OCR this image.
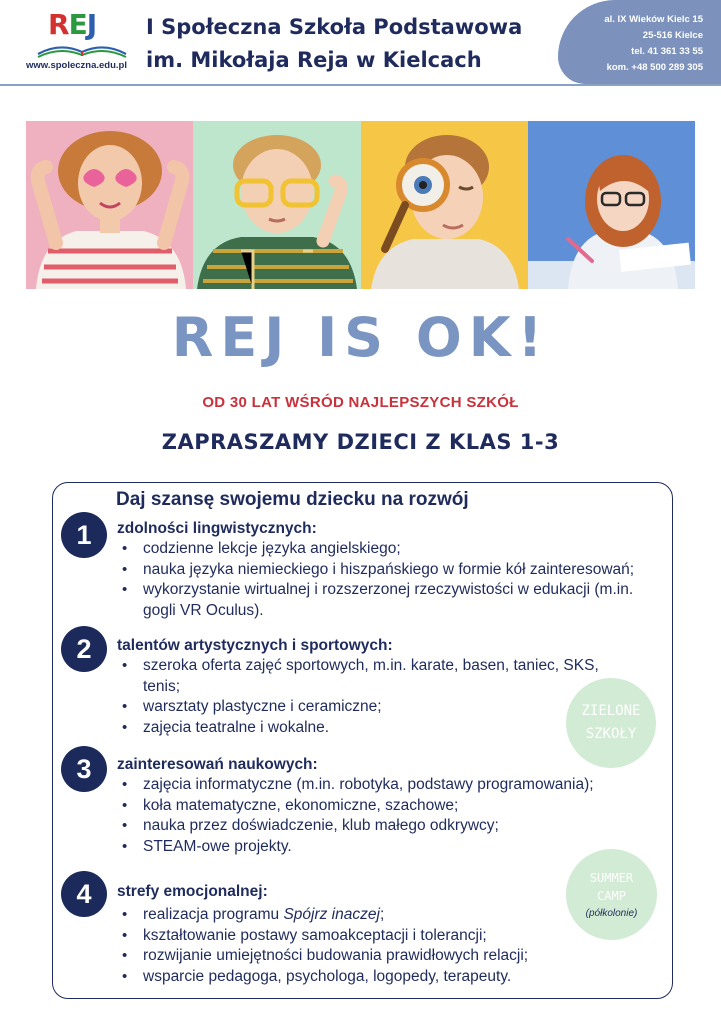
REJ
www.spoleczna.edu.pl
I Społeczna Szkoła Podstawowa
im. Mikołaja Reja w Kielcach
al. IX Wieków Kielc 15
25-516 Kielce
tel. 41 361 33 55
kom. +48 500 289 305
REJ IS OK!
OD 30 LAT WŚRÓD NAJLEPSZYCH SZKÓŁ
ZAPRASZAMY DZIECI Z KLAS 1-3
Daj szansę swojemu dziecku na rozwój
1	zdolności lingwistycznych:
• codzienne lekcje języka angielskiego;
• nauka języka niemieckiego i hiszpańskiego w formie kół zainteresowań;
• wykorzystanie wirtualnej i rozszerzonej rzeczywistości w edukacji (m.in. gogli VR Oculus).
2	talentów artystycznych i sportowych:
• szeroka oferta zajęć sportowych, m.in. karate, basen, taniec, SKS, tenis;
• warsztaty plastyczne i ceramiczne;
• zajęcia teatralne i wokalne.
3	zainteresowań naukowych:
• zajęcia informatyczne (m.in. robotyka, podstawy programowania);
• koła matematyczne, ekonomiczne, szachowe;
• nauka przez doświadczenie, klub małego odkrywcy;
• STEAM-owe projekty.
4	strefy emocjonalnej:
• realizacja programu Spójrz inaczej;
• kształtowanie postawy samoakceptacji i tolerancji;
• rozwijanie umiejętności budowania prawidłowych relacji;
• wsparcie pedagoga, psychologa, logopedy, terapeuty.
ZIELONE
SZKOŁY
SUMMER
CAMP
(półkolonie)
